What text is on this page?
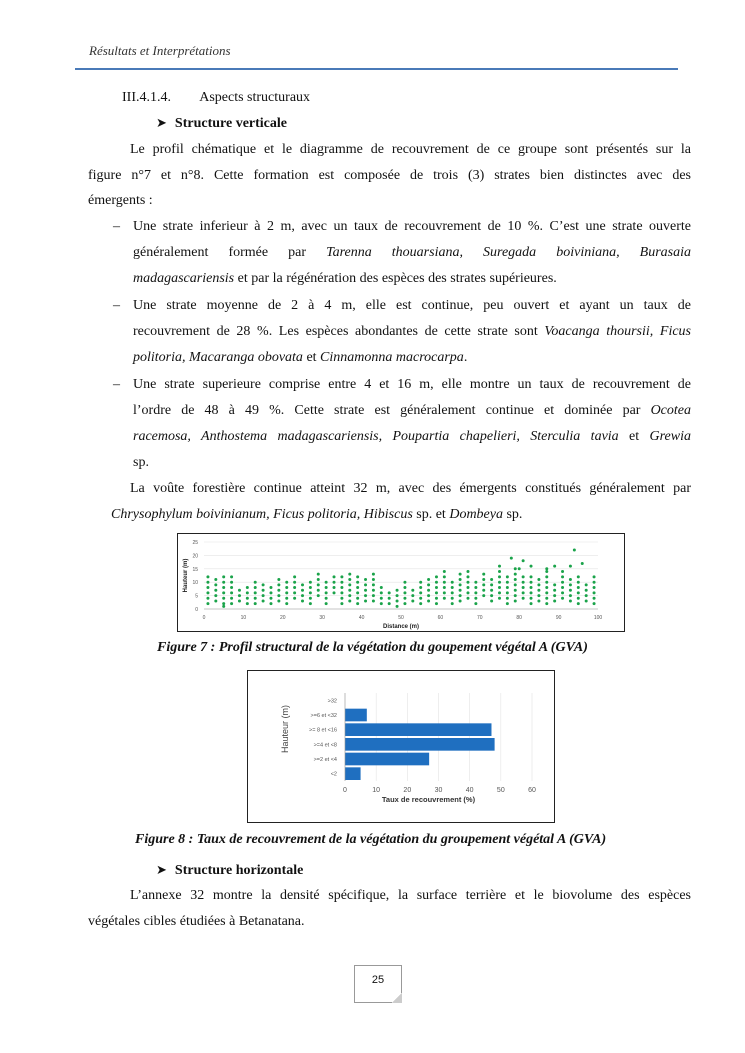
Résultats et Interprétations
III.4.1.4. Aspects structuraux
➤ Structure verticale
Le profil chématique et le diagramme de recouvrement de ce groupe sont présentés sur la
figure n°7 et n°8. Cette formation est composée de trois (3) strates bien distinctes avec des
émergents :
– Une strate inferieur à 2 m, avec un taux de recouvrement de 10 %. C’est une strate ouverte
généralement formée par Tarenna thouarsiana, Suregada boiviniana, Burasaia
madagascariensis et par la régénération des espèces des strates supérieures.
– Une strate moyenne de 2 à 4 m, elle est continue, peu ouvert et ayant un taux de
recouvrement de 28 %. Les espèces abondantes de cette strate sont Voacanga thoursii, Ficus
politoria, Macaranga obovata et Cinnamonna macrocarpa.
– Une strate superieure comprise entre 4 et 16 m, elle montre un taux de recouvrement de
l’ordre de 48 à 49 %. Cette strate est généralement continue et dominée par Ocotea
racemosa, Anthostema madagascariensis, Poupartia chapelieri, Sterculia tavia et Grewia
sp.
La voûte forestière continue atteint 32 m, avec des émergents constitués généralement par
Chrysophylum boivinianum, Ficus politoria, Hibiscus sp. et Dombeya sp.
0
5
10
15
20
25
0	10	20	30	40	50	60	70	80	90	100
Distance (m)
Hauteur (m)
Figure 7 : Profil structural de la végétation du goupement végétal A (GVA)
0	10	20	30	40	50	60
>32
>=6 et <32
>= 8 et <16
>=4 et <8
>=2 et <4
<2
Taux de recouvrement (%)
Hauteur (m)
Figure 8 : Taux de recouvrement de la végétation du groupement végétal A (GVA)
➤ Structure horizontale
L’annexe 32 montre la densité spécifique, la surface terrière et le biovolume des espèces
végétales cibles étudiées à Betanatana.
25
